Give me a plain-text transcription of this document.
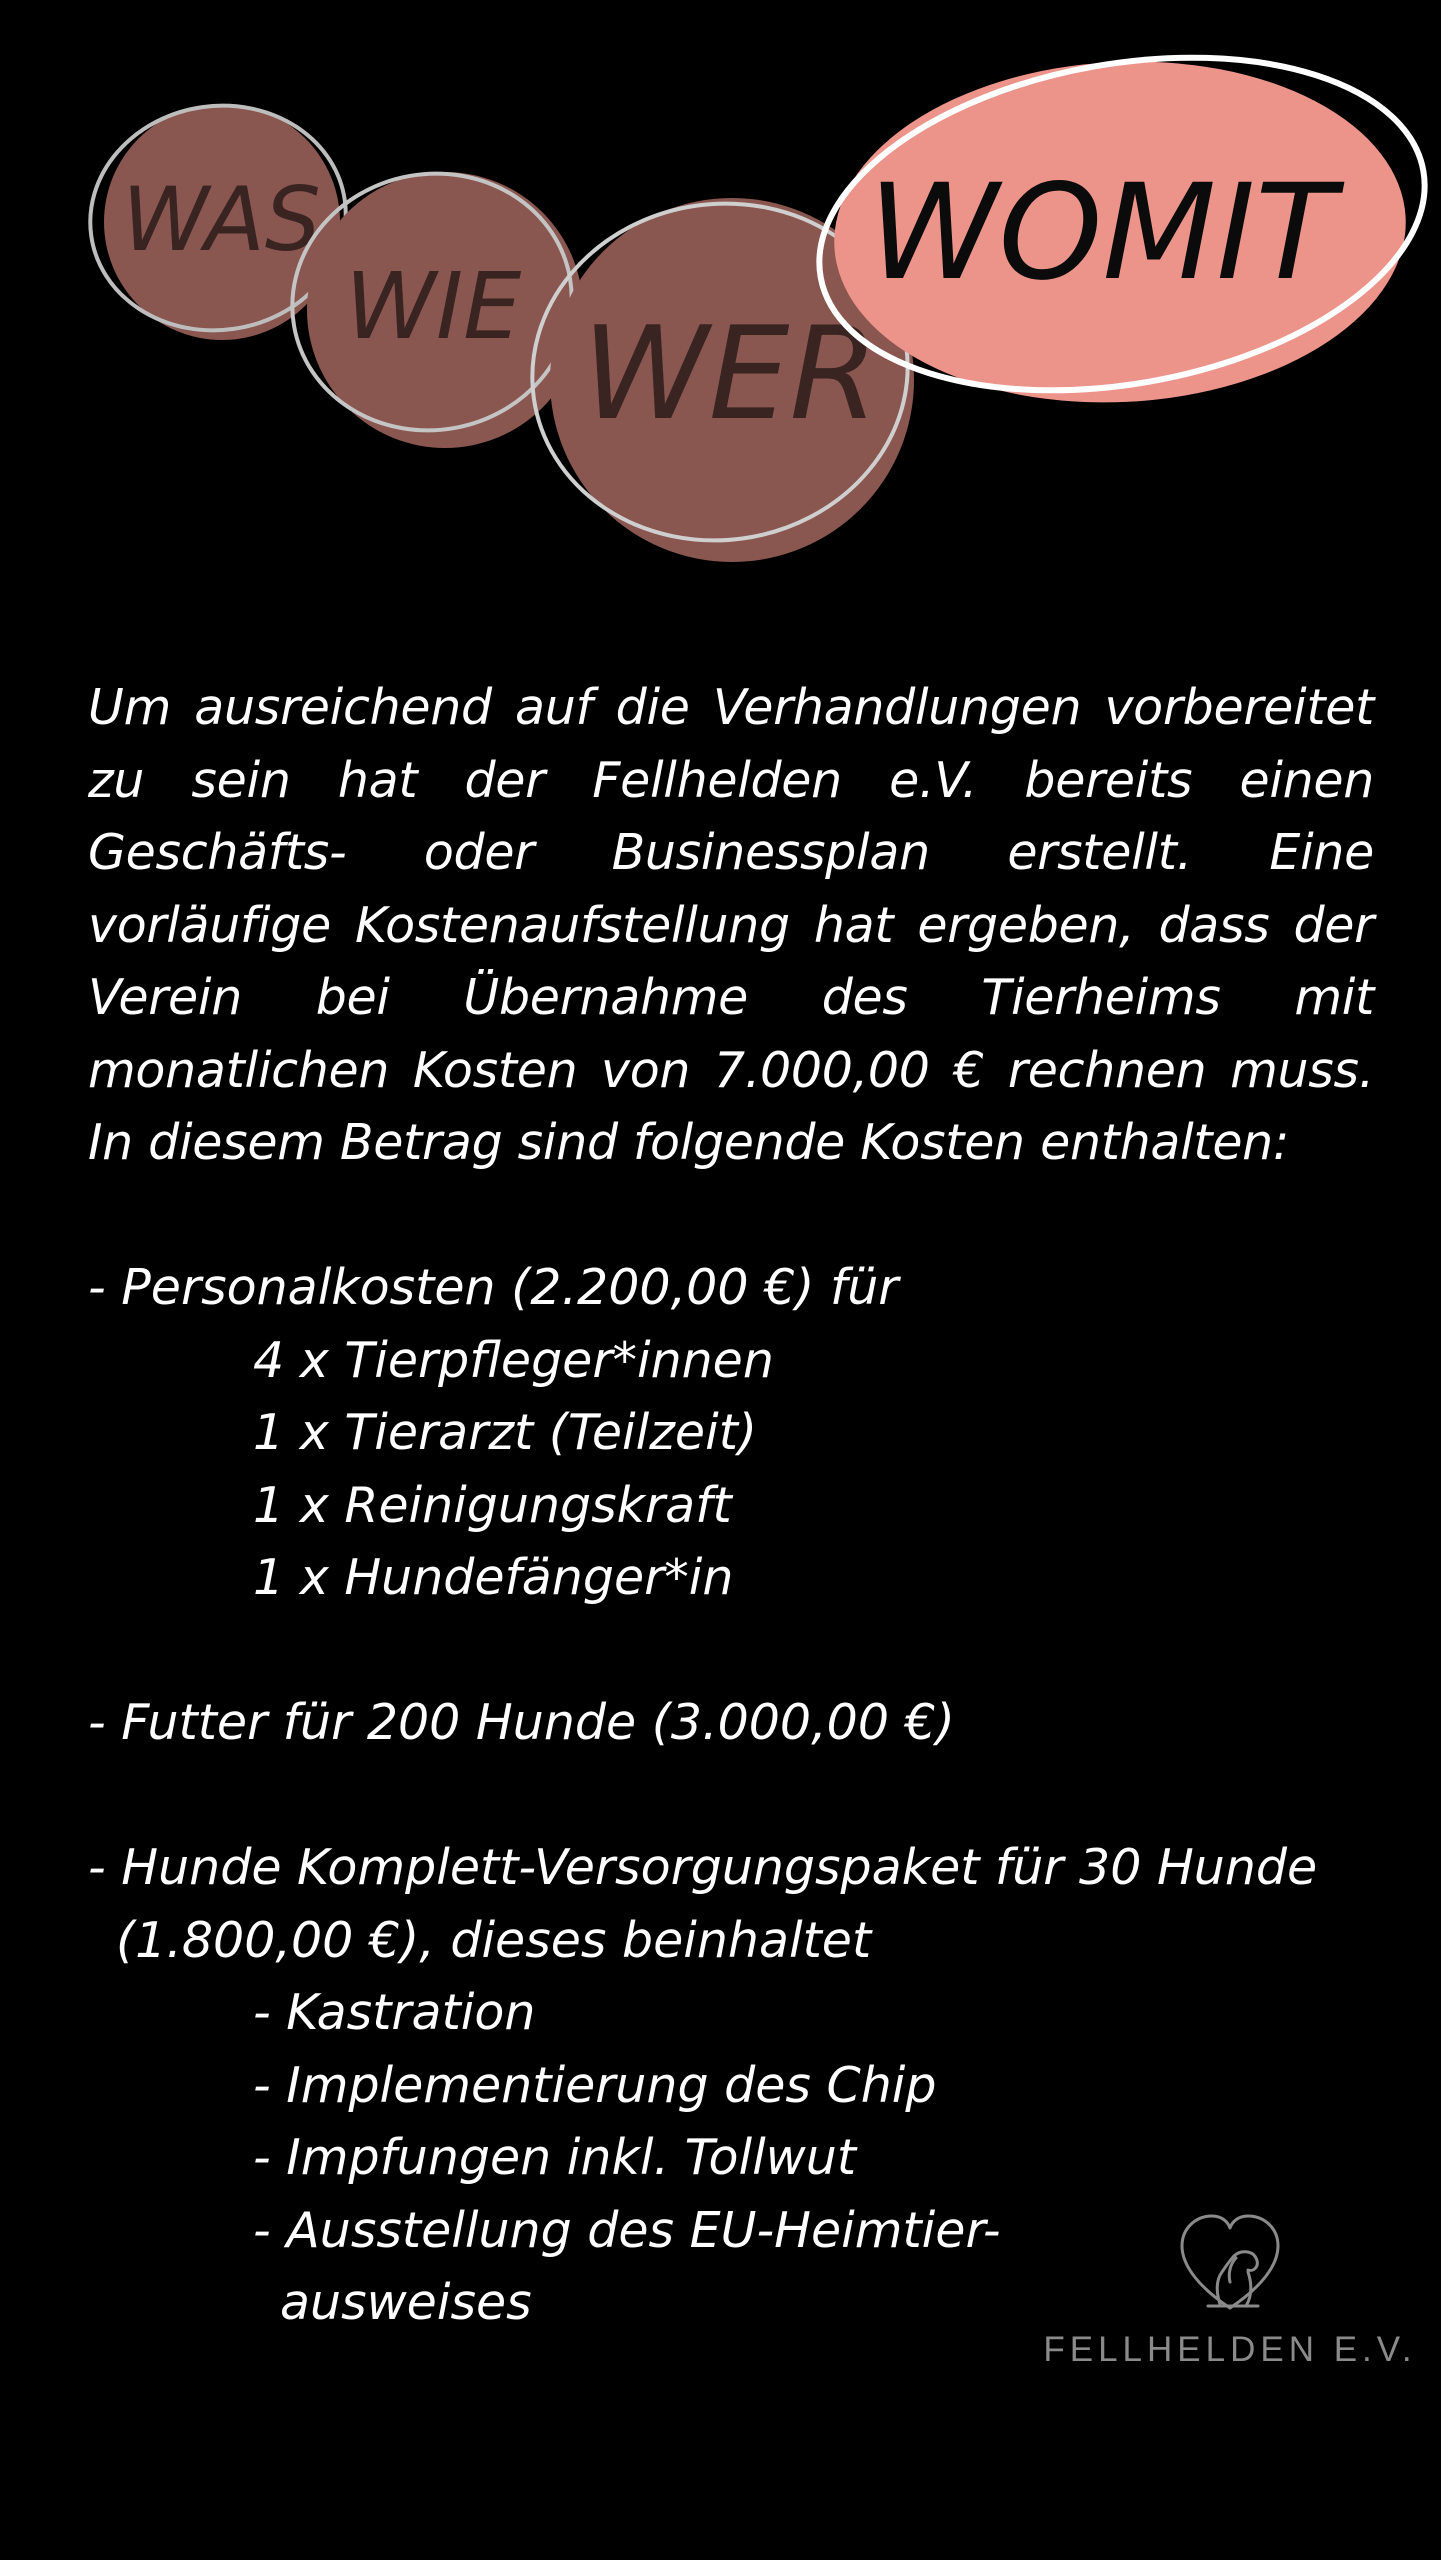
WAS
WIE WER
WOMIT
Um ausreichend auf die Verhandlungen vorbereitet zu sein hat der Fellhelden e.V. bereits einen Geschäfts- oder Businessplan erstellt. Eine vorläufige Kostenaufstellung hat ergeben, dass der Verein bei Übernahme des Tierheims mit monatlichen Kosten von 7.000,00 € rechnen muss. In diesem Betrag sind folgende Kosten enthalten:
- Personalkosten (2.200,00 €) für
4 x Tierpfleger*innen
1 x Tierarzt (Teilzeit)
1 x Reinigungskraft
1 x Hundefänger*in
- Futter für 200 Hunde (3.000,00 €)
- Hunde Komplett-Versorgungspaket für 30 Hunde
(1.800,00 €), dieses beinhaltet
- Kastration
- Implementierung des Chip
- Impfungen inkl. Tollwut
- Ausstellung des EU-Heimtier-
ausweises
FELLHELDEN E.V.
